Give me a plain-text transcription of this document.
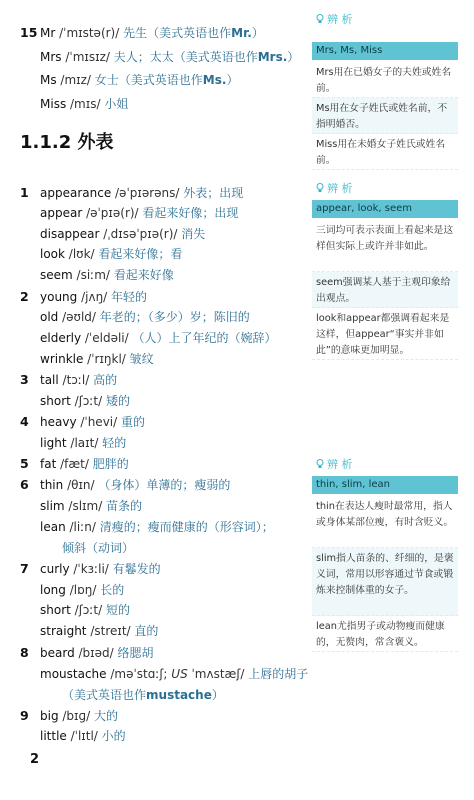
15 Mr /ˈmɪstə(r)/ 先生（美式英语也作Mr.）
Mrs /ˈmɪsɪz/ 夫人；太太（美式英语也作Mrs.）
Ms /mɪz/ 女士（美式英语也作Ms.）
Miss /mɪs/ 小姐
1.1.2 外表
1 appearance /əˈpɪərəns/ 外表；出现
appear /əˈpɪə(r)/ 看起来好像；出现
disappear /ˌdɪsəˈpɪə(r)/ 消失
look /lʊk/ 看起来好像；看
seem /siːm/ 看起来好像
2 young /jʌŋ/ 年轻的
old /əʊld/ 年老的；（多少）岁；陈旧的
elderly /ˈeldəli/ （人）上了年纪的（婉辞）
wrinkle /ˈrɪŋkl/ 皱纹
3 tall /tɔːl/ 高的
short /ʃɔːt/ 矮的
4 heavy /ˈhevi/ 重的
light /laɪt/ 轻的
5 fat /fæt/ 肥胖的
6 thin /θɪn/ （身体）单薄的；瘦弱的
slim /slɪm/ 苗条的
lean /liːn/ 清瘦的；瘦而健康的（形容词）；
倾斜（动词）
7 curly /ˈkɜːli/ 有鬈发的
long /lɒŋ/ 长的
short /ʃɔːt/ 短的
straight /streɪt/ 直的
8 beard /bɪəd/ 络腮胡
moustache /məˈstɑːʃ; US ˈmʌstæʃ/ 上唇的胡子
（美式英语也作mustache）
9 big /bɪɡ/ 大的
little /ˈlɪtl/ 小的
2
辨 析
Mrs, Ms, Miss
Mrs用在已婚女子的夫姓或姓名前。
Ms用在女子姓氏或姓名前，不指明婚否。
Miss用在未婚女子姓氏或姓名前。
辨 析
appear, look, seem
三词均可表示表面上看起来是这样但实际上或许并非如此。
seem强调某人基于主观印象给出观点。
look和appear都强调看起来是这样，但appear“事实并非如此”的意味更加明显。
辨 析
thin, slim, lean
thin在表达人瘦时最常用，指人或身体某部位瘦，有时含贬义。
slim指人苗条的、纤细的，是褒义词，常用以形容通过节食或锻炼来控制体重的女子。
lean尤指男子或动物瘦而健康的，无赘肉，常含褒义。
